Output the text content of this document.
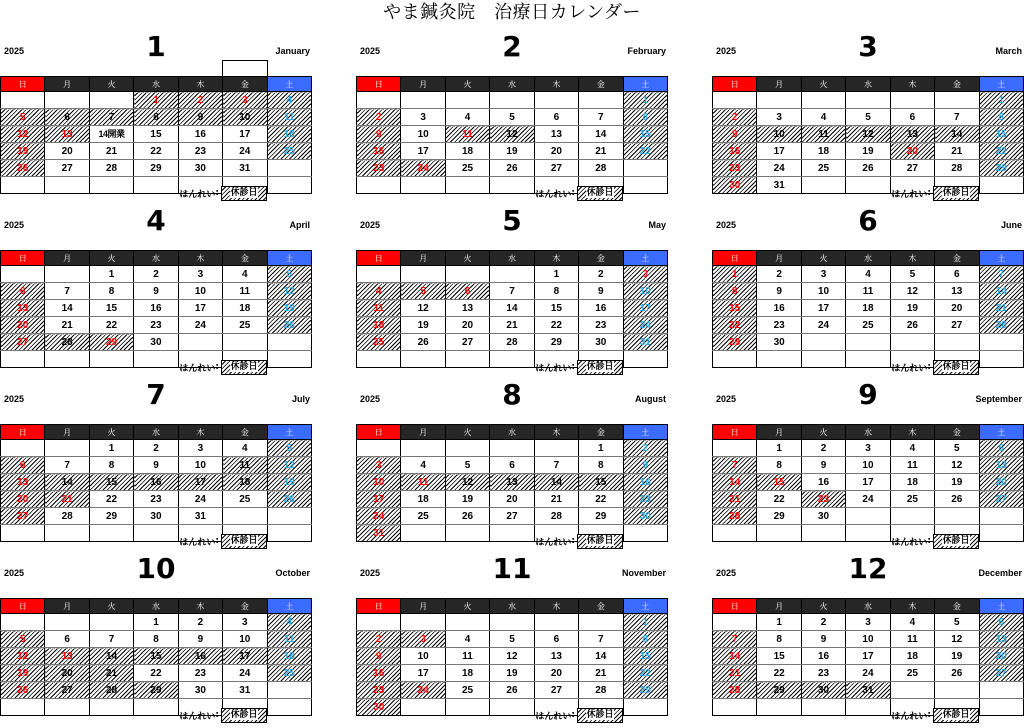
やま鍼灸院　治療日カレンダー
2025	1	January
日	月	火	水	木	金	土
			1	2	3	4
5	6	7	8	9	10	11
12	13	14開業	15	16	17	18
19	20	21	22	23	24	25
26	27	28	29	30	31	

はんれい :	休診日
2025	2	February
日	月	火	水	木	金	土
						1
2	3	4	5	6	7	8
9	10	11	12	13	14	15
16	17	18	19	20	21	22
23	24	25	26	27	28	

はんれい :	休診日
2025	3	March
日	月	火	水	木	金	土
						1
2	3	4	5	6	7	8
9	10	11	12	13	14	15
16	17	18	19	20	21	22
23	24	25	26	27	28	29
30	31					
はんれい :	休診日
2025	4	April
日	月	火	水	木	金	土
		1	2	3	4	5
6	7	8	9	10	11	12
13	14	15	16	17	18	19
20	21	22	23	24	25	26
27	28	29	30			

はんれい :	休診日
2025	5	May
日	月	火	水	木	金	土
				1	2	3
4	5	6	7	8	9	10
11	12	13	14	15	16	17
18	19	20	21	22	23	24
25	26	27	28	29	30	31

はんれい :	休診日
2025	6	June
日	月	火	水	木	金	土
1	2	3	4	5	6	7
8	9	10	11	12	13	14
15	16	17	18	19	20	21
22	23	24	25	26	27	28
29	30					

はんれい :	休診日
2025	7	July
日	月	火	水	木	金	土
		1	2	3	4	5
6	7	8	9	10	11	12
13	14	15	16	17	18	19
20	21	22	23	24	25	26
27	28	29	30	31		

はんれい :	休診日
2025	8	August
日	月	火	水	木	金	土
					1	2
3	4	5	6	7	8	9
10	11	12	13	14	15	16
17	18	19	20	21	22	23
24	25	26	27	28	29	30
31						
はんれい :	休診日
2025	9	September
日	月	火	水	木	金	土
	1	2	3	4	5	6
7	8	9	10	11	12	13
14	15	16	17	18	19	20
21	22	23	24	25	26	27
28	29	30				

はんれい :	休診日
2025	10	October
日	月	火	水	木	金	土
			1	2	3	4
5	6	7	8	9	10	11
12	13	14	15	16	17	18
19	20	21	22	23	24	25
26	27	28	29	30	31	

はんれい :	休診日
2025	11	November
日	月	火	水	木	金	土
						1
2	3	4	5	6	7	8
9	10	11	12	13	14	15
16	17	18	19	20	21	22
23	24	25	26	27	28	29
30						
はんれい :	休診日
2025	12	December
日	月	火	水	木	金	土
	1	2	3	4	5	6
7	8	9	10	11	12	13
14	15	16	17	18	19	20
21	22	23	24	25	26	27
28	29	30	31			

はんれい :	休診日
